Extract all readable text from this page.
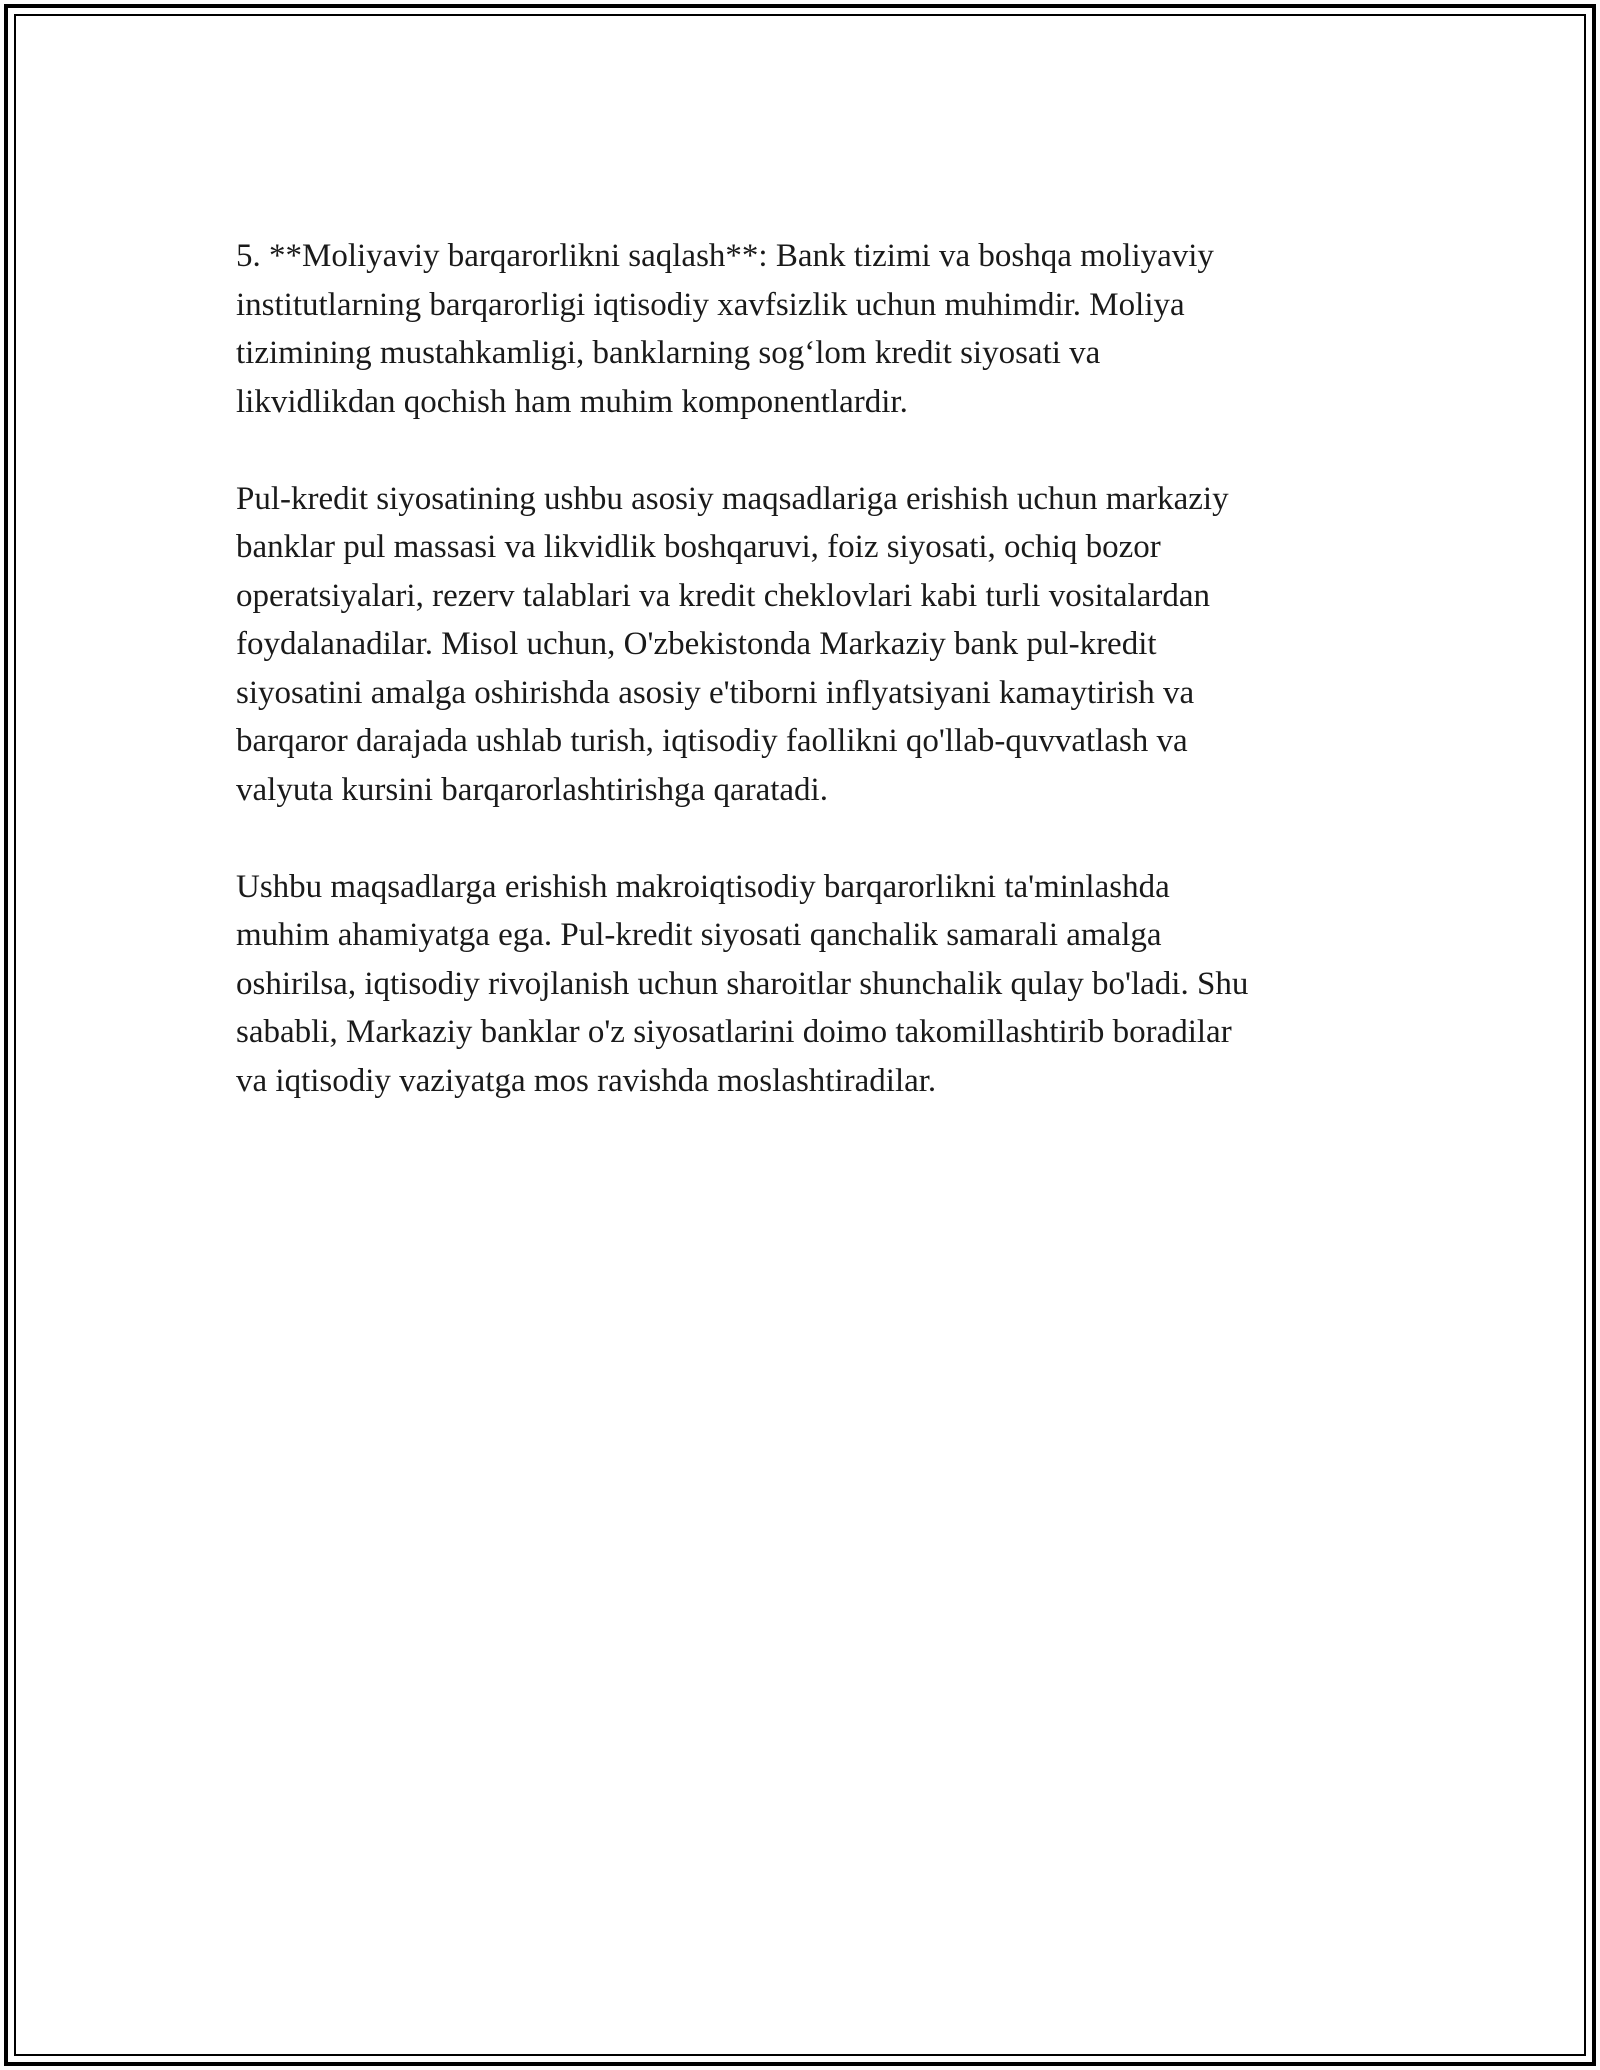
5. **Moliyaviy barqarorlikni saqlash**: Bank tizimi va boshqa moliyaviy
institutlarning barqarorligi iqtisodiy xavfsizlik uchun muhimdir. Moliya
tizimining mustahkamligi, banklarning sog‘lom kredit siyosati va
likvidlikdan qochish ham muhim komponentlardir.

Pul-kredit siyosatining ushbu asosiy maqsadlariga erishish uchun markaziy
banklar pul massasi va likvidlik boshqaruvi, foiz siyosati, ochiq bozor
operatsiyalari, rezerv talablari va kredit cheklovlari kabi turli vositalardan
foydalanadilar. Misol uchun, O'zbekistonda Markaziy bank pul-kredit
siyosatini amalga oshirishda asosiy e'tiborni inflyatsiyani kamaytirish va
barqaror darajada ushlab turish, iqtisodiy faollikni qo'llab-quvvatlash va
valyuta kursini barqarorlashtirishga qaratadi.

Ushbu maqsadlarga erishish makroiqtisodiy barqarorlikni ta'minlashda
muhim ahamiyatga ega. Pul-kredit siyosati qanchalik samarali amalga
oshirilsa, iqtisodiy rivojlanish uchun sharoitlar shunchalik qulay bo'ladi. Shu
sababli, Markaziy banklar o'z siyosatlarini doimo takomillashtirib boradilar
va iqtisodiy vaziyatga mos ravishda moslashtiradilar.
